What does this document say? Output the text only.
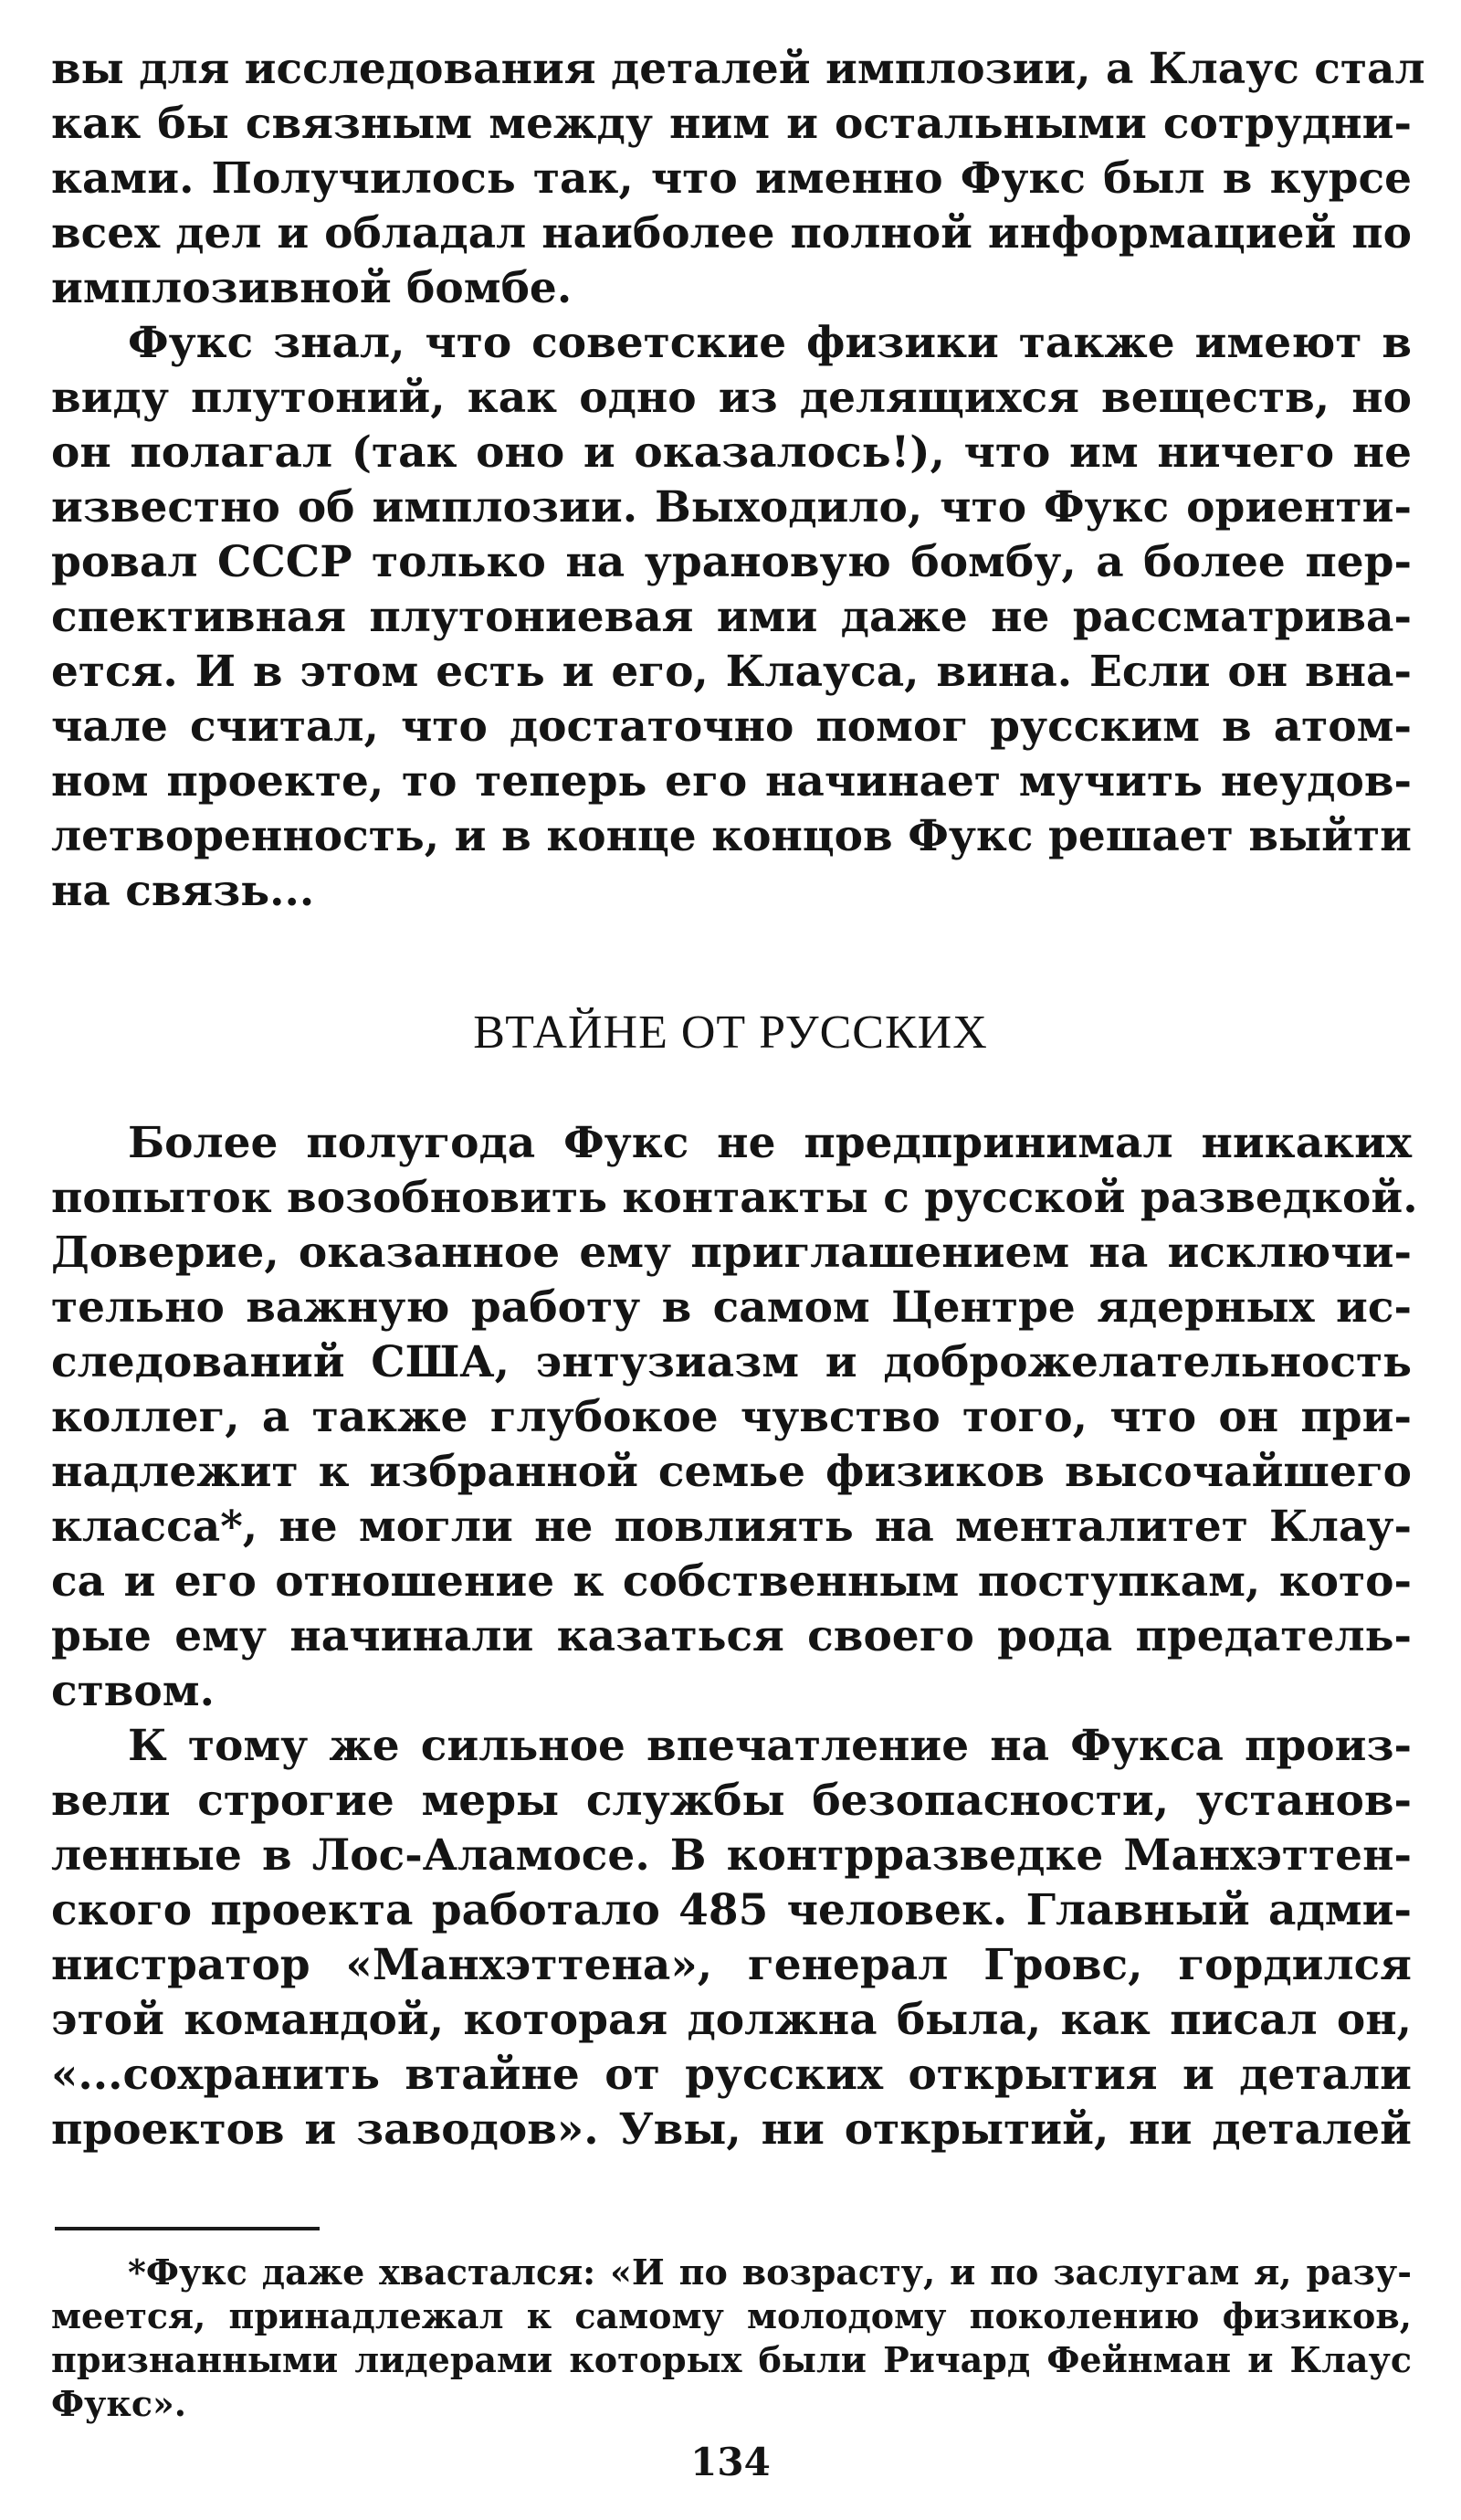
вы для исследования деталей имплозии, а Клаус стал
как бы связным между ним и остальными сотрудни-
ками. Получилось так, что именно Фукс был в курсе
всех дел и обладал наиболее полной информацией по
имплозивной бомбе.
Фукс знал, что советские физики также имеют в
виду плутоний, как одно из делящихся веществ, но
он полагал (так оно и оказалось!), что им ничего не
известно об имплозии. Выходило, что Фукс ориенти-
ровал СССР только на урановую бомбу, а более пер-
спективная плутониевая ими даже не рассматрива-
ется. И в этом есть и его, Клауса, вина. Если он вна-
чале считал, что достаточно помог русским в атом-
ном проекте, то теперь его начинает мучить неудов-
летворенность, и в конце концов Фукс решает выйти
на связь...
ВТАЙНЕ ОТ РУССКИХ
Более полугода Фукс не предпринимал никаких
попыток возобновить контакты с русской разведкой.
Доверие, оказанное ему приглашением на исключи-
тельно важную работу в самом Центре ядерных ис-
следований США, энтузиазм и доброжелательность
коллег, а также глубокое чувство того, что он при-
надлежит к избранной семье физиков высочайшего
класса*, не могли не повлиять на менталитет Клау-
са и его отношение к собственным поступкам, кото-
рые ему начинали казаться своего рода предатель-
ством.
К тому же сильное впечатление на Фукса произ-
вели строгие меры службы безопасности, установ-
ленные в Лос-Аламосе. В контрразведке Манхэттен-
ского проекта работало 485 человек. Главный адми-
нистратор «Манхэттена», генерал Гровс, гордился
этой командой, которая должна была, как писал он,
«...сохранить втайне от русских открытия и детали
проектов и заводов». Увы, ни открытий, ни деталей
*Фукс даже хвастался: «И по возрасту, и по заслугам я, разу-
меется, принадлежал к самому молодому поколению физиков,
признанными лидерами которых были Ричард Фейнман и Клаус
Фукс».
134
